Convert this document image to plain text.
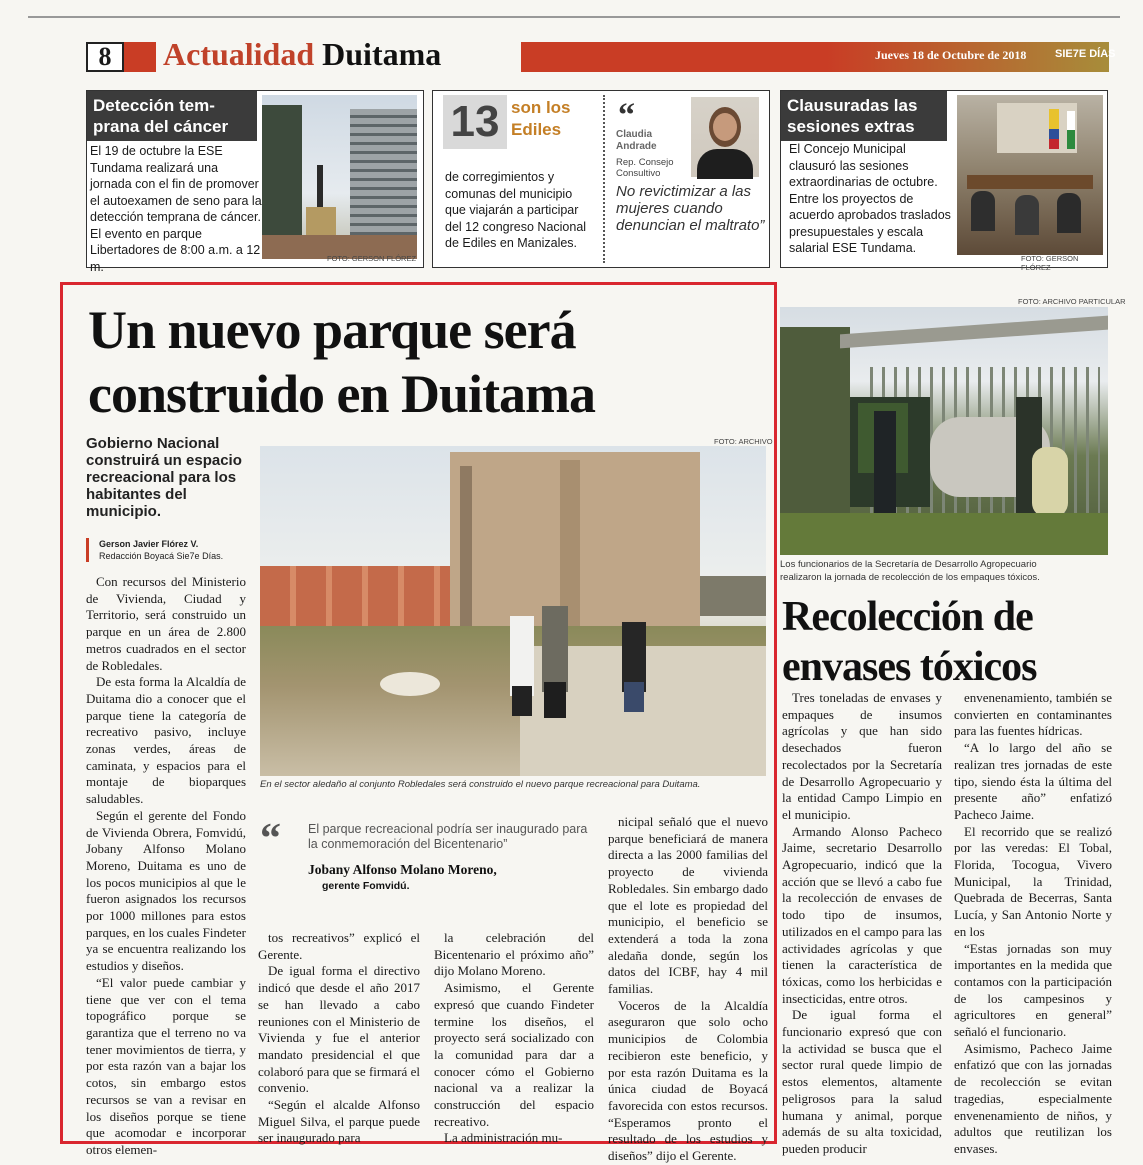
8	Actualidad Duitama	Jueves 18 de Octubre de 2018	SIE7E DÍAS
Detección tem-
prana del cáncer
El 19 de octubre la ESE Tundama realizará una jornada con el fin de promover el autoexamen de seno para la detección temprana de cáncer. El evento en parque Libertadores de 8:00 a.m. a 12 m.
FOTO: GERSON FLÓREZ
13 son los Ediles
de corregimientos y comunas del municipio que viajarán a participar del 12 congreso Nacional de Ediles en Manizales.
“
Claudia
Andrade
Rep. Consejo Consultivo
No revictimizar a las mujeres cuando denuncian el maltrato”
Clausuradas las
sesiones extras
El Concejo Municipal clausuró las sesiones extraordinarias de octubre. Entre los proyectos de acuerdo aprobados traslados presupuestales y escala salarial ESE Tundama.
FOTO: GERSON FLÓREZ
Un nuevo parque será construido en Duitama
Gobierno Nacional construirá un espacio recreacional para los habitantes del municipio.
Gerson Javier Flórez V.
Redacción Boyacá Sie7e Días.
FOTO: ARCHIVO
En el sector aledaño al conjunto Robledales será construido el nuevo parque recreacional para Duitama.

Con recursos del Ministerio de Vivienda, Ciudad y Territorio, será construido un parque en un área de 2.800 metros cuadrados en el sector de Robledales.

De esta forma la Alcaldía de Duitama dio a conocer que el parque tiene la categoría de recreativo pasivo, incluye zonas verdes, áreas de caminata, y espacios para el montaje de bioparques saludables.

Según el gerente del Fondo de Vivienda Obrera, Fomvidú, Jobany Alfonso Molano Moreno, Duitama es uno de los pocos municipios al que le fueron asignados los recursos por 1000 millones para estos parques, en los cuales Findeter ya se encuentra realizando los estudios y diseños.

“El valor puede cambiar y tiene que ver con el tema topográfico porque se garantiza que el terreno no va tener movimientos de tierra, y por esta razón van a bajar los cotos, sin embargo estos recursos se van a revisar en los diseños porque se tiene que acomodar e incorporar otros elemen-

“ El parque recreacional podría ser inaugurado para la conmemoración del Bicentenario”
Jobany Alfonso Molano Moreno,
gerente Fomvidú.

tos recreativos” explicó el Gerente.

De igual forma el directivo indicó que desde el año 2017 se han llevado a cabo reuniones con el Ministerio de Vivienda y fue el anterior mandato presidencial el que colaboró para que se firmará el convenio.

“Según el alcalde Alfonso Miguel Silva, el parque puede ser inaugurado para

la celebración del Bicentenario el próximo año” dijo Molano Moreno.

Asimismo, el Gerente expresó que cuando Findeter termine los diseños, el proyecto será socializado con la comunidad para dar a conocer cómo el Gobierno nacional va a realizar la construcción del espacio recreativo.

La administración mu-

nicipal señaló que el nuevo parque beneficiará de manera directa a las 2000 familias del proyecto de vivienda Robledales. Sin embargo dado que el lote es propiedad del municipio, el beneficio se extenderá a toda la zona aledaña donde, según los datos del ICBF, hay 4 mil familias.

Voceros de la Alcaldía aseguraron que solo ocho municipios de Colombia recibieron este beneficio, y por esta razón Duitama es la única ciudad de Boyacá favorecida con estos recursos. “Esperamos pronto el resultado de los estudios y diseños” dijo el Gerente.

FOTO: ARCHIVO PARTICULAR
Los funcionarios de la Secretaría de Desarrollo Agropecuario realizaron la jornada de recolección de los empaques tóxicos.
Recolección de envases tóxicos

Tres toneladas de envases y empaques de insumos agrícolas y que han sido desechados fueron recolectados por la Secretaría de Desarrollo Agropecuario y la entidad Campo Limpio en el municipio.

Armando Alonso Pacheco Jaime, secretario Desarrollo Agropecuario, indicó que la acción que se llevó a cabo fue la recolección de envases de todo tipo de insumos, utilizados en el campo para las actividades agrícolas y que tienen la característica de tóxicas, como los herbicidas e insecticidas, entre otros.

De igual forma el funcionario expresó que con la actividad se busca que el sector rural quede limpio de estos elementos, altamente peligrosos para la salud humana y animal, porque además de su alta toxicidad, pueden producir

envenenamiento, también se convierten en contaminantes para las fuentes hídricas.

“A lo largo del año se realizan tres jornadas de este tipo, siendo ésta la última del presente año” enfatizó Pacheco Jaime.

El recorrido que se realizó por las veredas: El Tobal, Florida, Tocogua, Vivero Municipal, la Trinidad, Quebrada de Becerras, Santa Lucía, y San Antonio Norte y en los

“Estas jornadas son muy importantes en la medida que contamos con la participación de los campesinos y agricultores en general” señaló el funcionario.

Asimismo, Pacheco Jaime enfatizó que con las jornadas de recolección se evitan tragedias, especialmente envenenamiento de niños, y adultos que reutilizan los envases.
